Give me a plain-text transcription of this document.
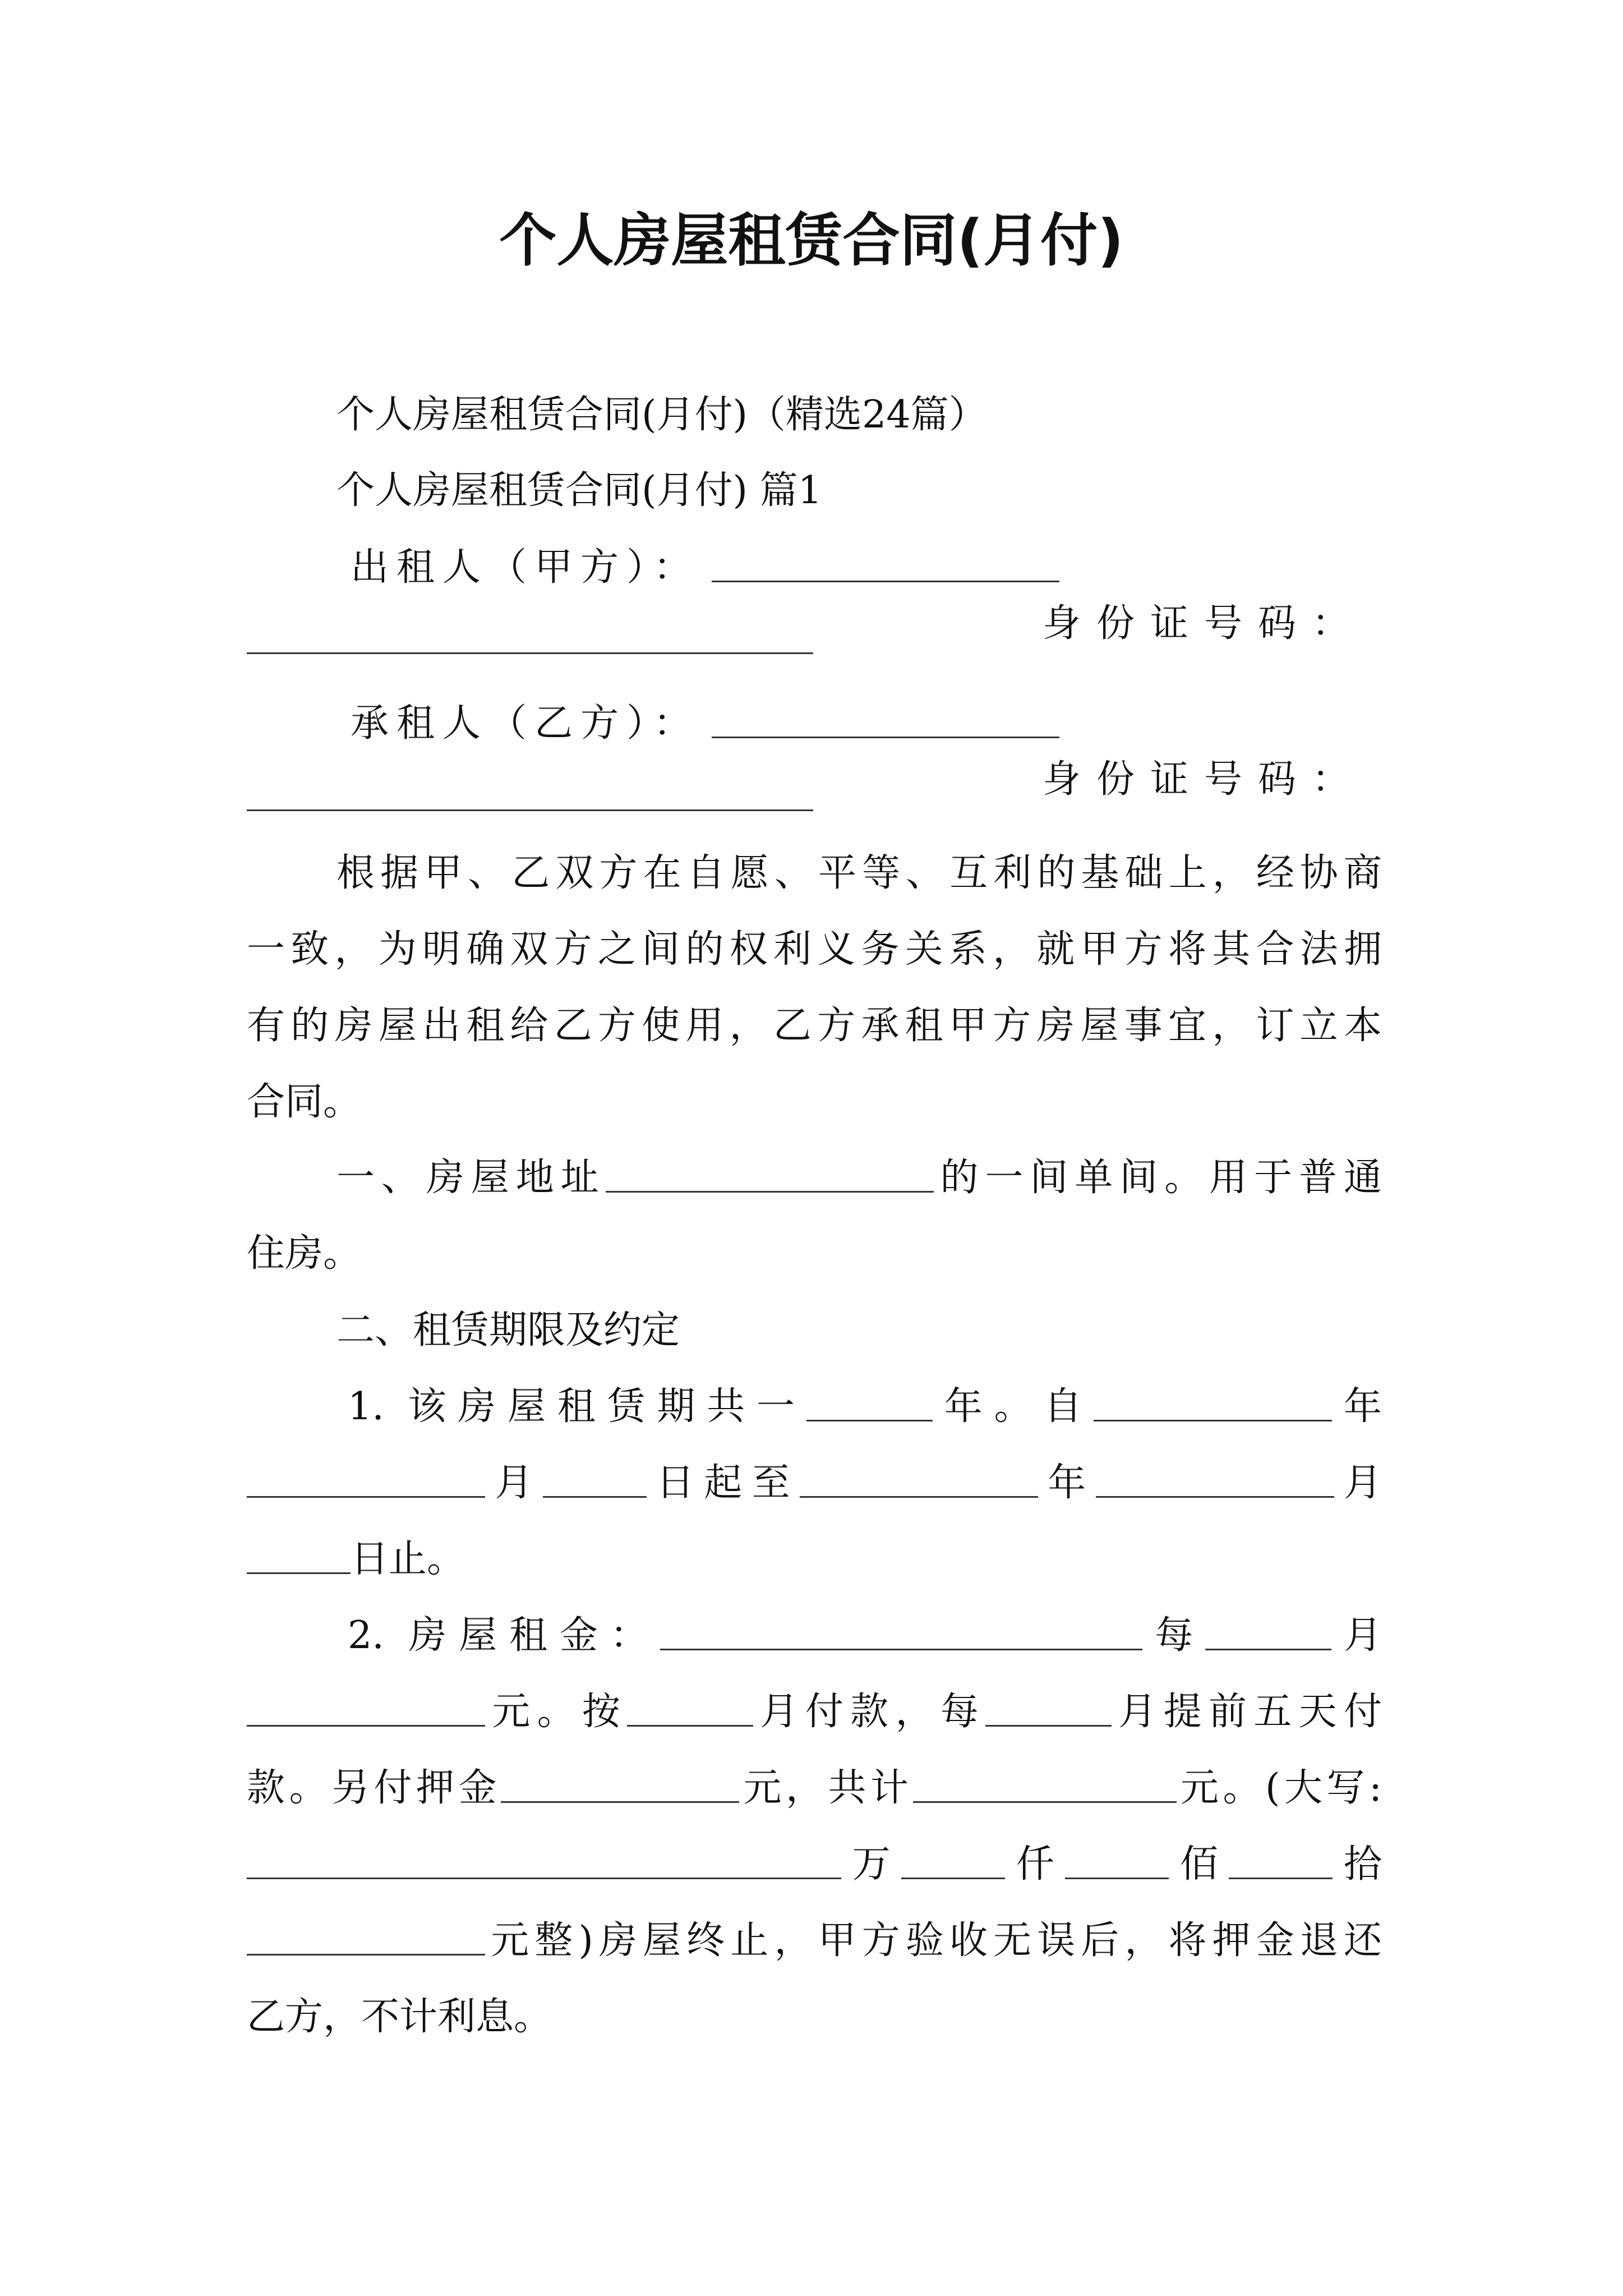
个人房屋租赁合同(月付)
个人房屋租赁合同(月付)（精选24篇）
个人房屋租赁合同(月付) 篇1
出租人（甲方）：
身份证号码：
承租人（乙方）：
身份证号码：
根据甲、乙双方在自愿、平等、互利的基础上，经协商
一致，为明确双方之间的权利义务关系，就甲方将其合法拥
有的房屋出租给乙方使用，乙方承租甲方房屋事宜，订立本
合同。
一、房屋地址	的一间单间。用于普通
住房。
二、租赁期限及约定
1. 该房屋租赁期共一	年。自	年
月	日起至	年	月
日止。
2. 房屋租金：	每	月
元。按	月付款，每	月提前五天付
款。另付押金	元，共计	元。(大写:
万	仟	佰	拾
元整)房屋终止，甲方验收无误后，将押金退还
乙方，不计利息。
